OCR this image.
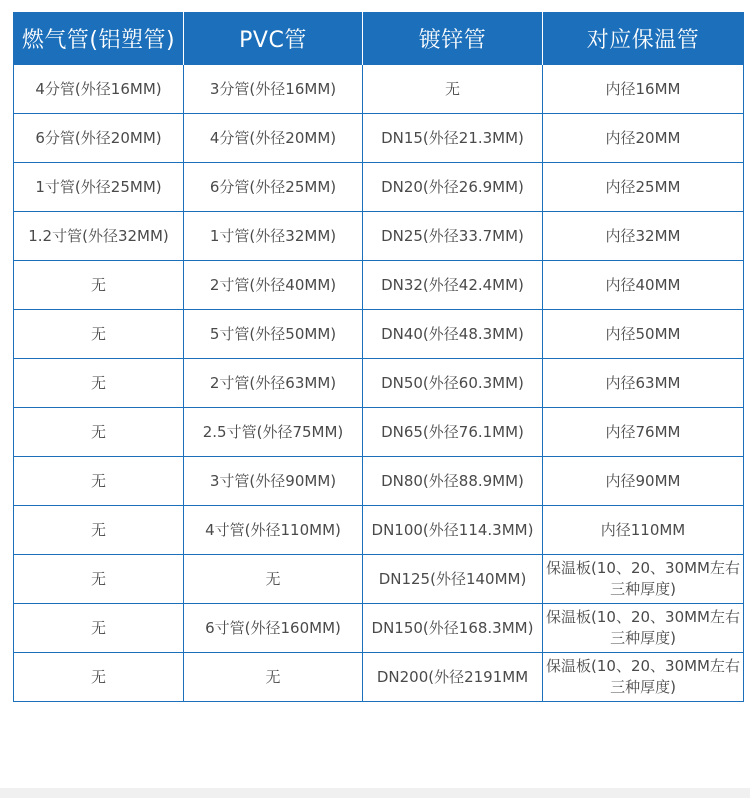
燃气管(铝塑管)	PVC管	镀锌管	对应保温管
4分管(外径16MM)	3分管(外径16MM)	无	内径16MM
6分管(外径20MM)	4分管(外径20MM)	DN15(外径21.3MM)	内径20MM
1寸管(外径25MM)	6分管(外径25MM)	DN20(外径26.9MM)	内径25MM
1.2寸管(外径32MM)	1寸管(外径32MM)	DN25(外径33.7MM)	内径32MM
无	2寸管(外径40MM)	DN32(外径42.4MM)	内径40MM
无	5寸管(外径50MM)	DN40(外径48.3MM)	内径50MM
无	2寸管(外径63MM)	DN50(外径60.3MM)	内径63MM
无	2.5寸管(外径75MM)	DN65(外径76.1MM)	内径76MM
无	3寸管(外径90MM)	DN80(外径88.9MM)	内径90MM
无	4寸管(外径110MM)	DN100(外径114.3MM)	内径110MM
无	无	DN125(外径140MM)	保温板(10、20、30MM左右三种厚度)
无	6寸管(外径160MM)	DN150(外径168.3MM)	保温板(10、20、30MM左右三种厚度)
无	无	DN200(外径2191MM	保温板(10、20、30MM左右三种厚度)
